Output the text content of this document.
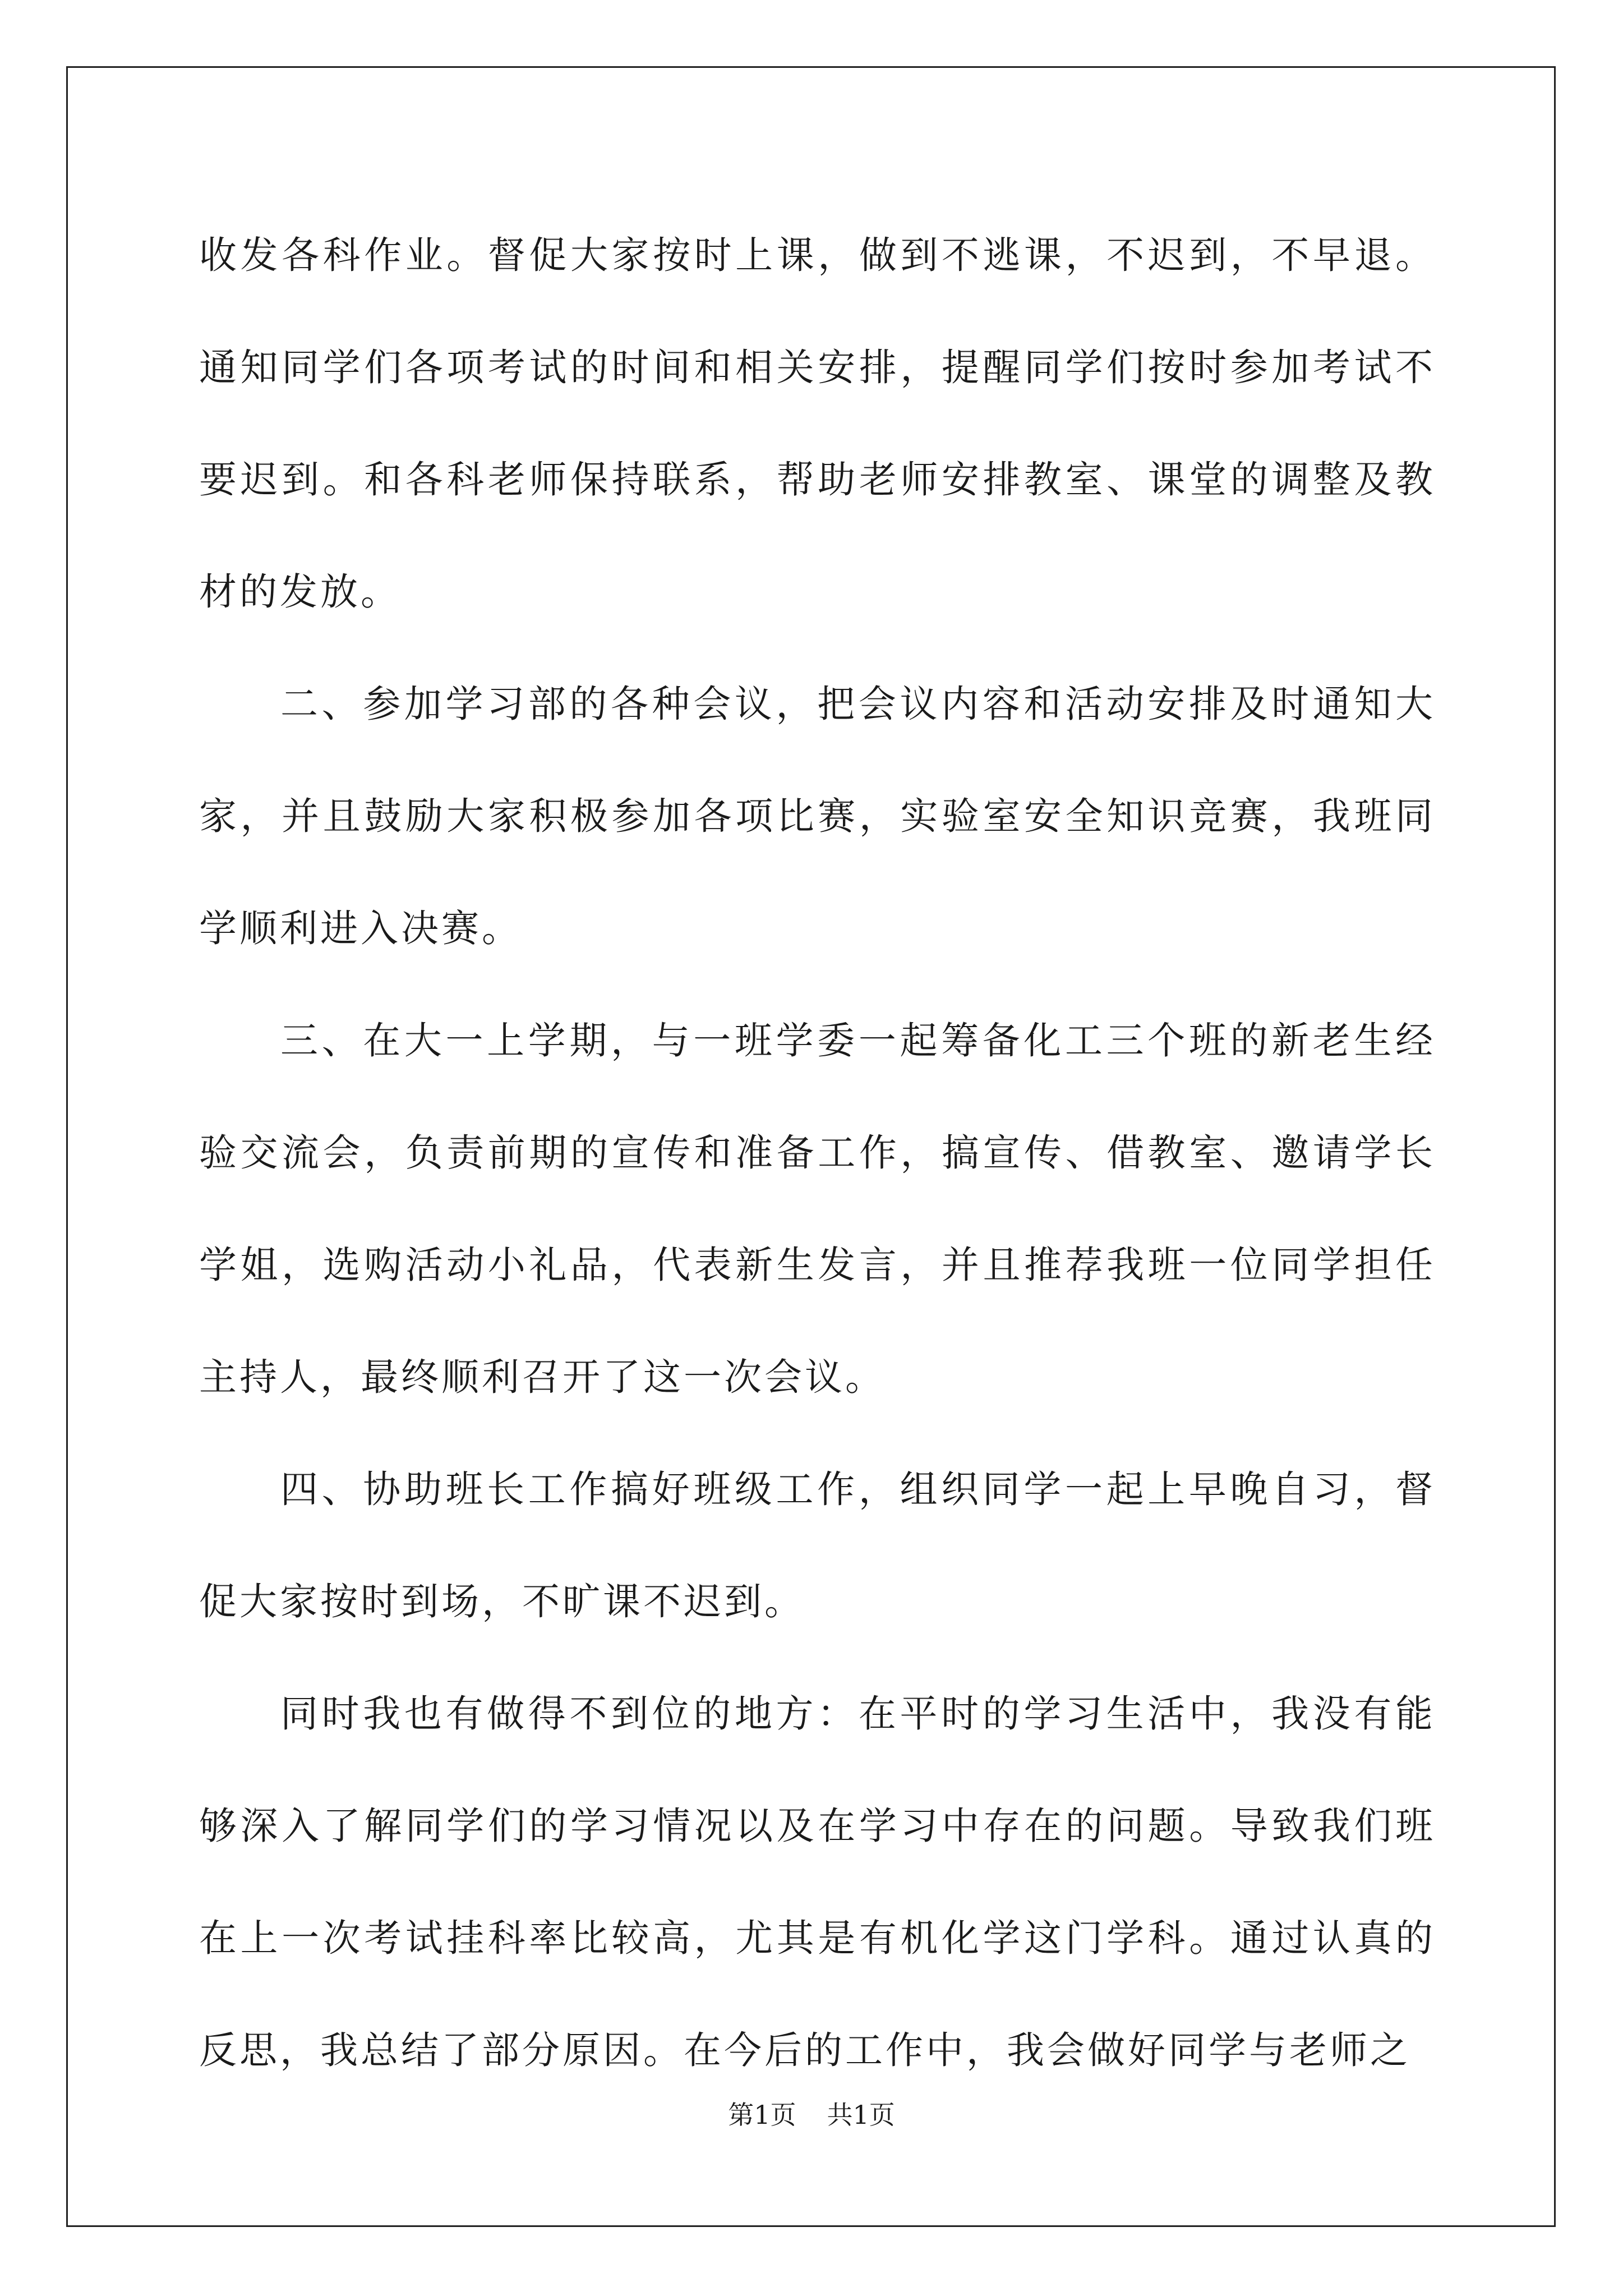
收发各科作业。督促大家按时上课，做到不逃课，不迟到，不早退。通知同学们各项考试的时间和相关安排，提醒同学们按时参加考试不要迟到。和各科老师保持联系，帮助老师安排教室、课堂的调整及教材的发放。

二、参加学习部的各种会议，把会议内容和活动安排及时通知大家，并且鼓励大家积极参加各项比赛，实验室安全知识竞赛，我班同学顺利进入决赛。

三、在大一上学期，与一班学委一起筹备化工三个班的新老生经验交流会，负责前期的宣传和准备工作，搞宣传、借教室、邀请学长学姐，选购活动小礼品，代表新生发言，并且推荐我班一位同学担任主持人，最终顺利召开了这一次会议。

四、协助班长工作搞好班级工作，组织同学一起上早晚自习，督促大家按时到场，不旷课不迟到。

同时我也有做得不到位的地方：在平时的学习生活中，我没有能够深入了解同学们的学习情况以及在学习中存在的问题。导致我们班在上一次考试挂科率比较高，尤其是有机化学这门学科。通过认真的反思，我总结了部分原因。在今后的工作中，我会做好同学与老师之

第1页 共1页
